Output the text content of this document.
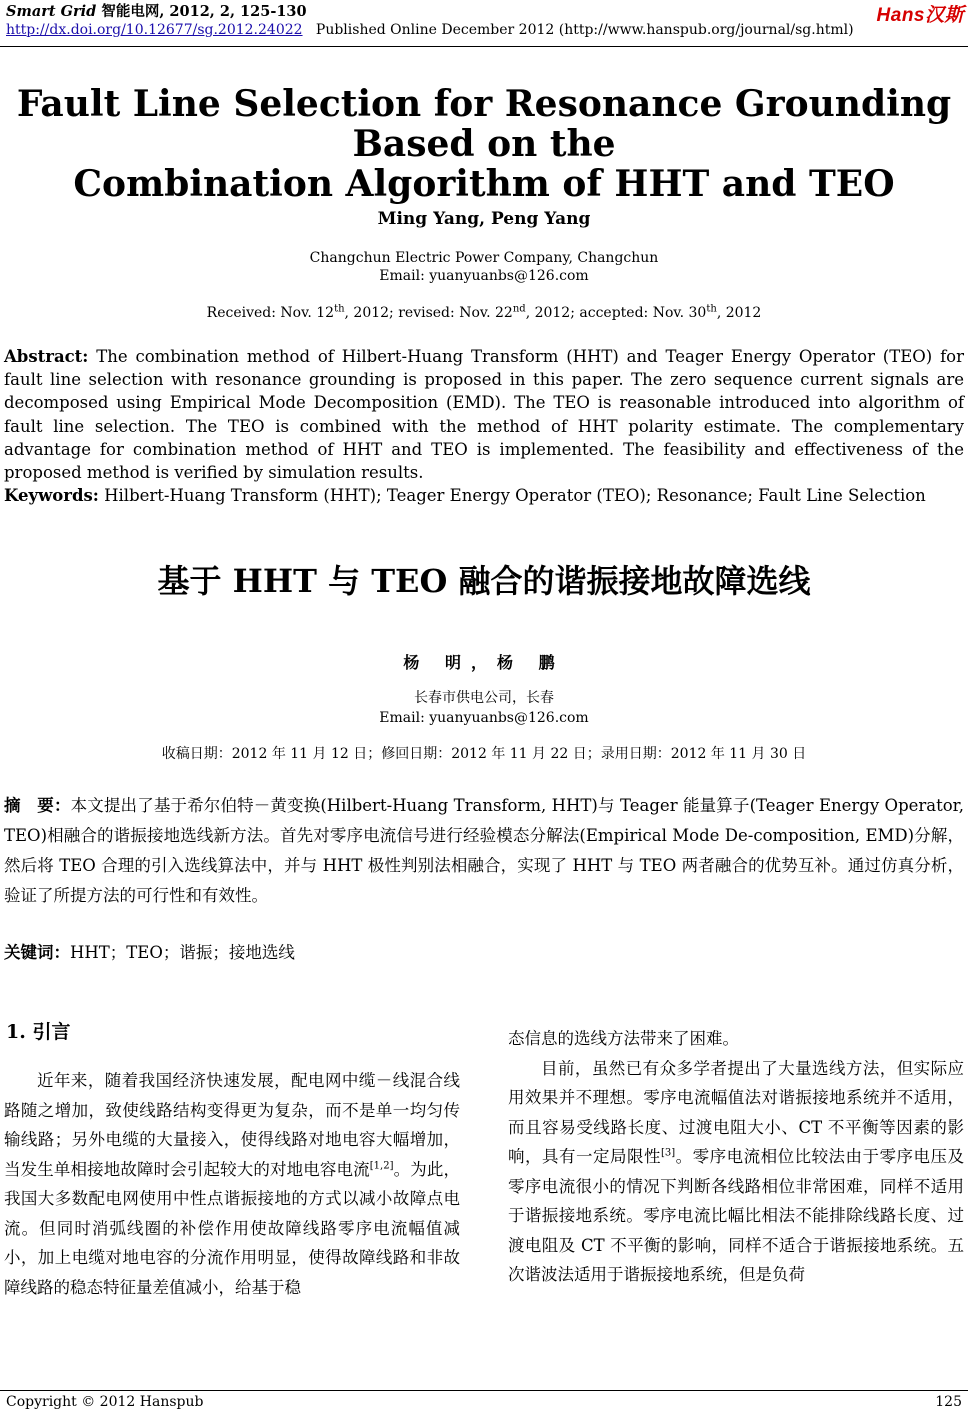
Smart Grid 智能电网, 2012, 2, 125-130
http://dx.doi.org/10.12677/sg.2012.24022 Published Online December 2012 (http://www.hanspub.org/journal/sg.html)
Hans汉斯
Fault Line Selection for Resonance Grounding Based on the
Combination Algorithm of HHT and TEO
Ming Yang, Peng Yang
Changchun Electric Power Company, Changchun
Email: yuanyuanbs@126.com
Received: Nov. 12th, 2012; revised: Nov. 22nd, 2012; accepted: Nov. 30th, 2012
Abstract: The combination method of Hilbert-Huang Transform (HHT) and Teager Energy Operator (TEO) for fault line selection with resonance grounding is proposed in this paper. The zero sequence current signals are decomposed using Empirical Mode Decomposition (EMD). The TEO is reasonable introduced into algorithm of fault line selection. The TEO is combined with the method of HHT polarity estimate. The complementary advantage for combination method of HHT and TEO is implemented. The feasibility and effectiveness of the proposed method is verified by simulation results.
Keywords: Hilbert-Huang Transform (HHT); Teager Energy Operator (TEO); Resonance; Fault Line Selection
基于 HHT 与 TEO 融合的谐振接地故障选线
杨 明，杨 鹏
长春市供电公司，长春
Email: yuanyuanbs@126.com
收稿日期：2012 年 11 月 12 日；修回日期：2012 年 11 月 22 日；录用日期：2012 年 11 月 30 日
摘　要：本文提出了基于希尔伯特－黄变换(Hilbert-Huang Transform, HHT)与 Teager 能量算子(Teager Energy Operator, TEO)相融合的谐振接地选线新方法。首先对零序电流信号进行经验模态分解法(Empirical Mode De-composition, EMD)分解，然后将 TEO 合理的引入选线算法中，并与 HHT 极性判别法相融合，实现了 HHT 与 TEO 两者融合的优势互补。通过仿真分析，验证了所提方法的可行性和有效性。
关键词：HHT；TEO；谐振；接地选线
1. 引言

近年来，随着我国经济快速发展，配电网中缆－线混合线路随之增加，致使线路结构变得更为复杂，而不是单一均匀传输线路；另外电缆的大量接入，使得线路对地电容大幅增加，当发生单相接地故障时会引起较大的对地电容电流[1,2]。为此，我国大多数配电网使用中性点谐振接地的方式以减小故障点电流。但同时消弧线圈的补偿作用使故障线路零序电流幅值减小，加上电缆对地电容的分流作用明显，使得故障线路和非故障线路的稳态特征量差值减小，给基于稳

态信息的选线方法带来了困难。

目前，虽然已有众多学者提出了大量选线方法，但实际应用效果并不理想。零序电流幅值法对谐振接地系统并不适用，而且容易受线路长度、过渡电阻大小、CT 不平衡等因素的影响，具有一定局限性[3]。零序电流相位比较法由于零序电压及零序电流很小的情况下判断各线路相位非常困难，同样不适用于谐振接地系统。零序电流比幅比相法不能排除线路长度、过渡电阻及 CT 不平衡的影响，同样不适合于谐振接地系统。五次谐波法适用于谐振接地系统，但是负荷

Copyright © 2012 Hanspub	125
